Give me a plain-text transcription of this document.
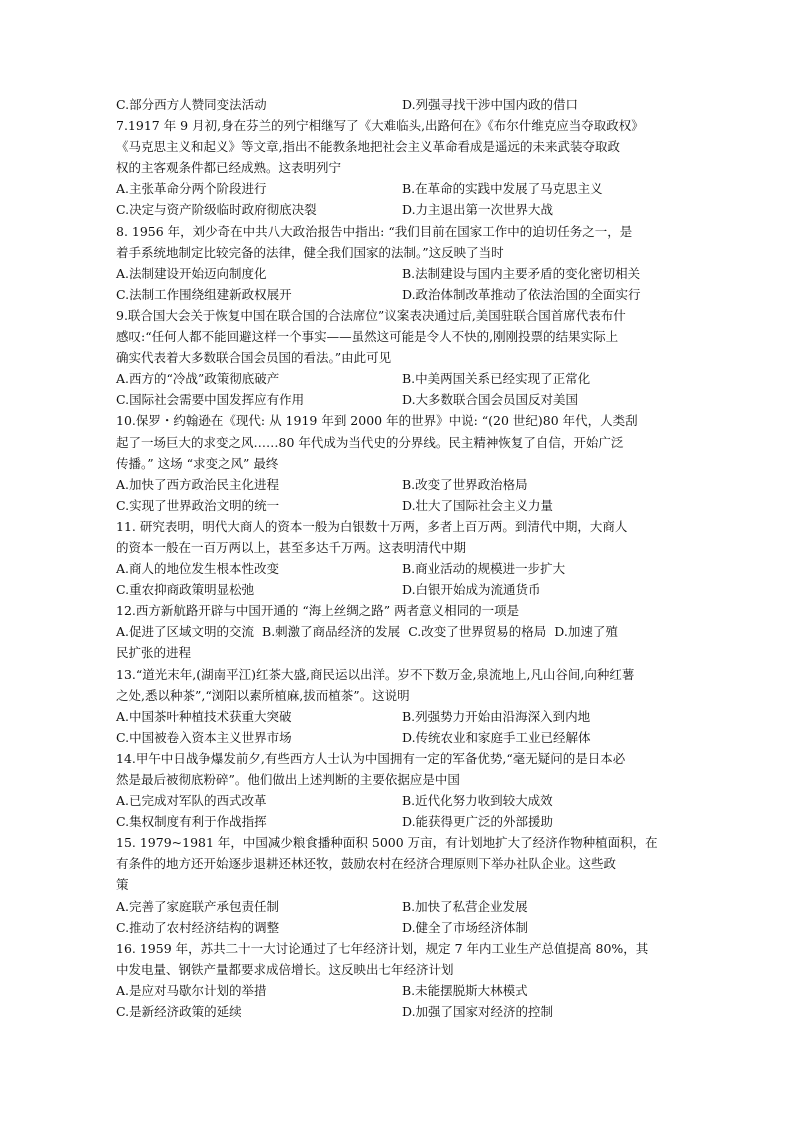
C.部分西方人赞同变法活动	D.列强寻找干涉中国内政的借口
7.1917 年 9 月初,身在芬兰的列宁相继写了《大难临头,出路何在》《布尔什维克应当夺取政权》
《马克思主义和起义》等文章,指出不能教条地把社会主义革命看成是遥远的未来武装夺取政
权的主客观条件都已经成熟。这表明列宁
A.主张革命分两个阶段进行	B.在革命的实践中发展了马克思主义
C.决定与资产阶级临时政府彻底决裂	D.力主退出第一次世界大战
8. 1956 年，刘少奇在中共八大政治报告中指出: “我们目前在国家工作中的迫切任务之一，是
着手系统地制定比较完备的法律，健全我们国家的法制。”这反映了当时
A.法制建设开始迈向制度化	B.法制建设与国内主要矛盾的变化密切相关
C.法制工作围绕组建新政权展开	D.政治体制改革推动了依法治国的全面实行
9.联合国大会关于恢复中国在联合国的合法席位”议案表决通过后,美国驻联合国首席代表布什
感叹:“任何人都不能回避这样一个事实——虽然这可能是令人不快的,刚刚投票的结果实际上
确实代表着大多数联合国会员国的看法。”由此可见
A.西方的“冷战”政策彻底破产	B.中美两国关系已经实现了正常化
C.国际社会需要中国发挥应有作用	D.大多数联合国会员国反对美国
10.保罗・约翰逊在《现代: 从 1919 年到 2000 年的世界》中说: “(20 世纪)80 年代，人类刮
起了一场巨大的求变之风……80 年代成为当代史的分界线。民主精神恢复了自信，开始广泛
传播。” 这场 “求变之风” 最终
A.加快了西方政治民主化进程	B.改变了世界政治格局
C.实现了世界政治文明的统一	D.壮大了国际社会主义力量
11. 研究表明，明代大商人的资本一般为白银数十万两，多者上百万两。到清代中期，大商人
的资本一般在一百万两以上，甚至多达千万两。这表明清代中期
A.商人的地位发生根本性改变	B.商业活动的规模进一步扩大
C.重农抑商政策明显松弛	D.白银开始成为流通货币
12.西方新航路开辟与中国开通的 “海上丝绸之路” 两者意义相同的一项是
A.促进了区域文明的交流 B.刺激了商品经济的发展 C.改变了世界贸易的格局 D.加速了殖
民扩张的进程
13.“道光末年,(湖南平江)红茶大盛,商民运以出洋。岁不下数万金,泉流地上,凡山谷间,向种红薯
之处,悉以种茶”,“浏阳以素所植麻,拔而植茶”。这说明
A.中国茶叶种植技术获重大突破	B.列强势力开始由沿海深入到内地
C.中国被卷入资本主义世界市场	D.传统农业和家庭手工业已经解体
14.甲午中日战争爆发前夕,有些西方人士认为中国拥有一定的军备优势,“毫无疑问的是日本必
然是最后被彻底粉碎”。他们做出上述判断的主要依据应是中国
A.已完成对军队的西式改革	B.近代化努力收到较大成效
C.集权制度有利于作战指挥	D.能获得更广泛的外部援助
15. 1979~1981 年，中国减少粮食播种面积 5000 万亩，有计划地扩大了经济作物种植面积，在
有条件的地方还开始逐步退耕还林还牧，鼓励农村在经济合理原则下举办社队企业。这些政
策
A.完善了家庭联产承包责任制	B.加快了私营企业发展
C.推动了农村经济结构的调整	D.健全了市场经济体制
16. 1959 年，苏共二十一大讨论通过了七年经济计划，规定 7 年内工业生产总值提高 80%，其
中发电量、钢铁产量都要求成倍增长。这反映出七年经济计划
A.是应对马歇尔计划的举措	B.未能摆脱斯大林模式
C.是新经济政策的延续	D.加强了国家对经济的控制
